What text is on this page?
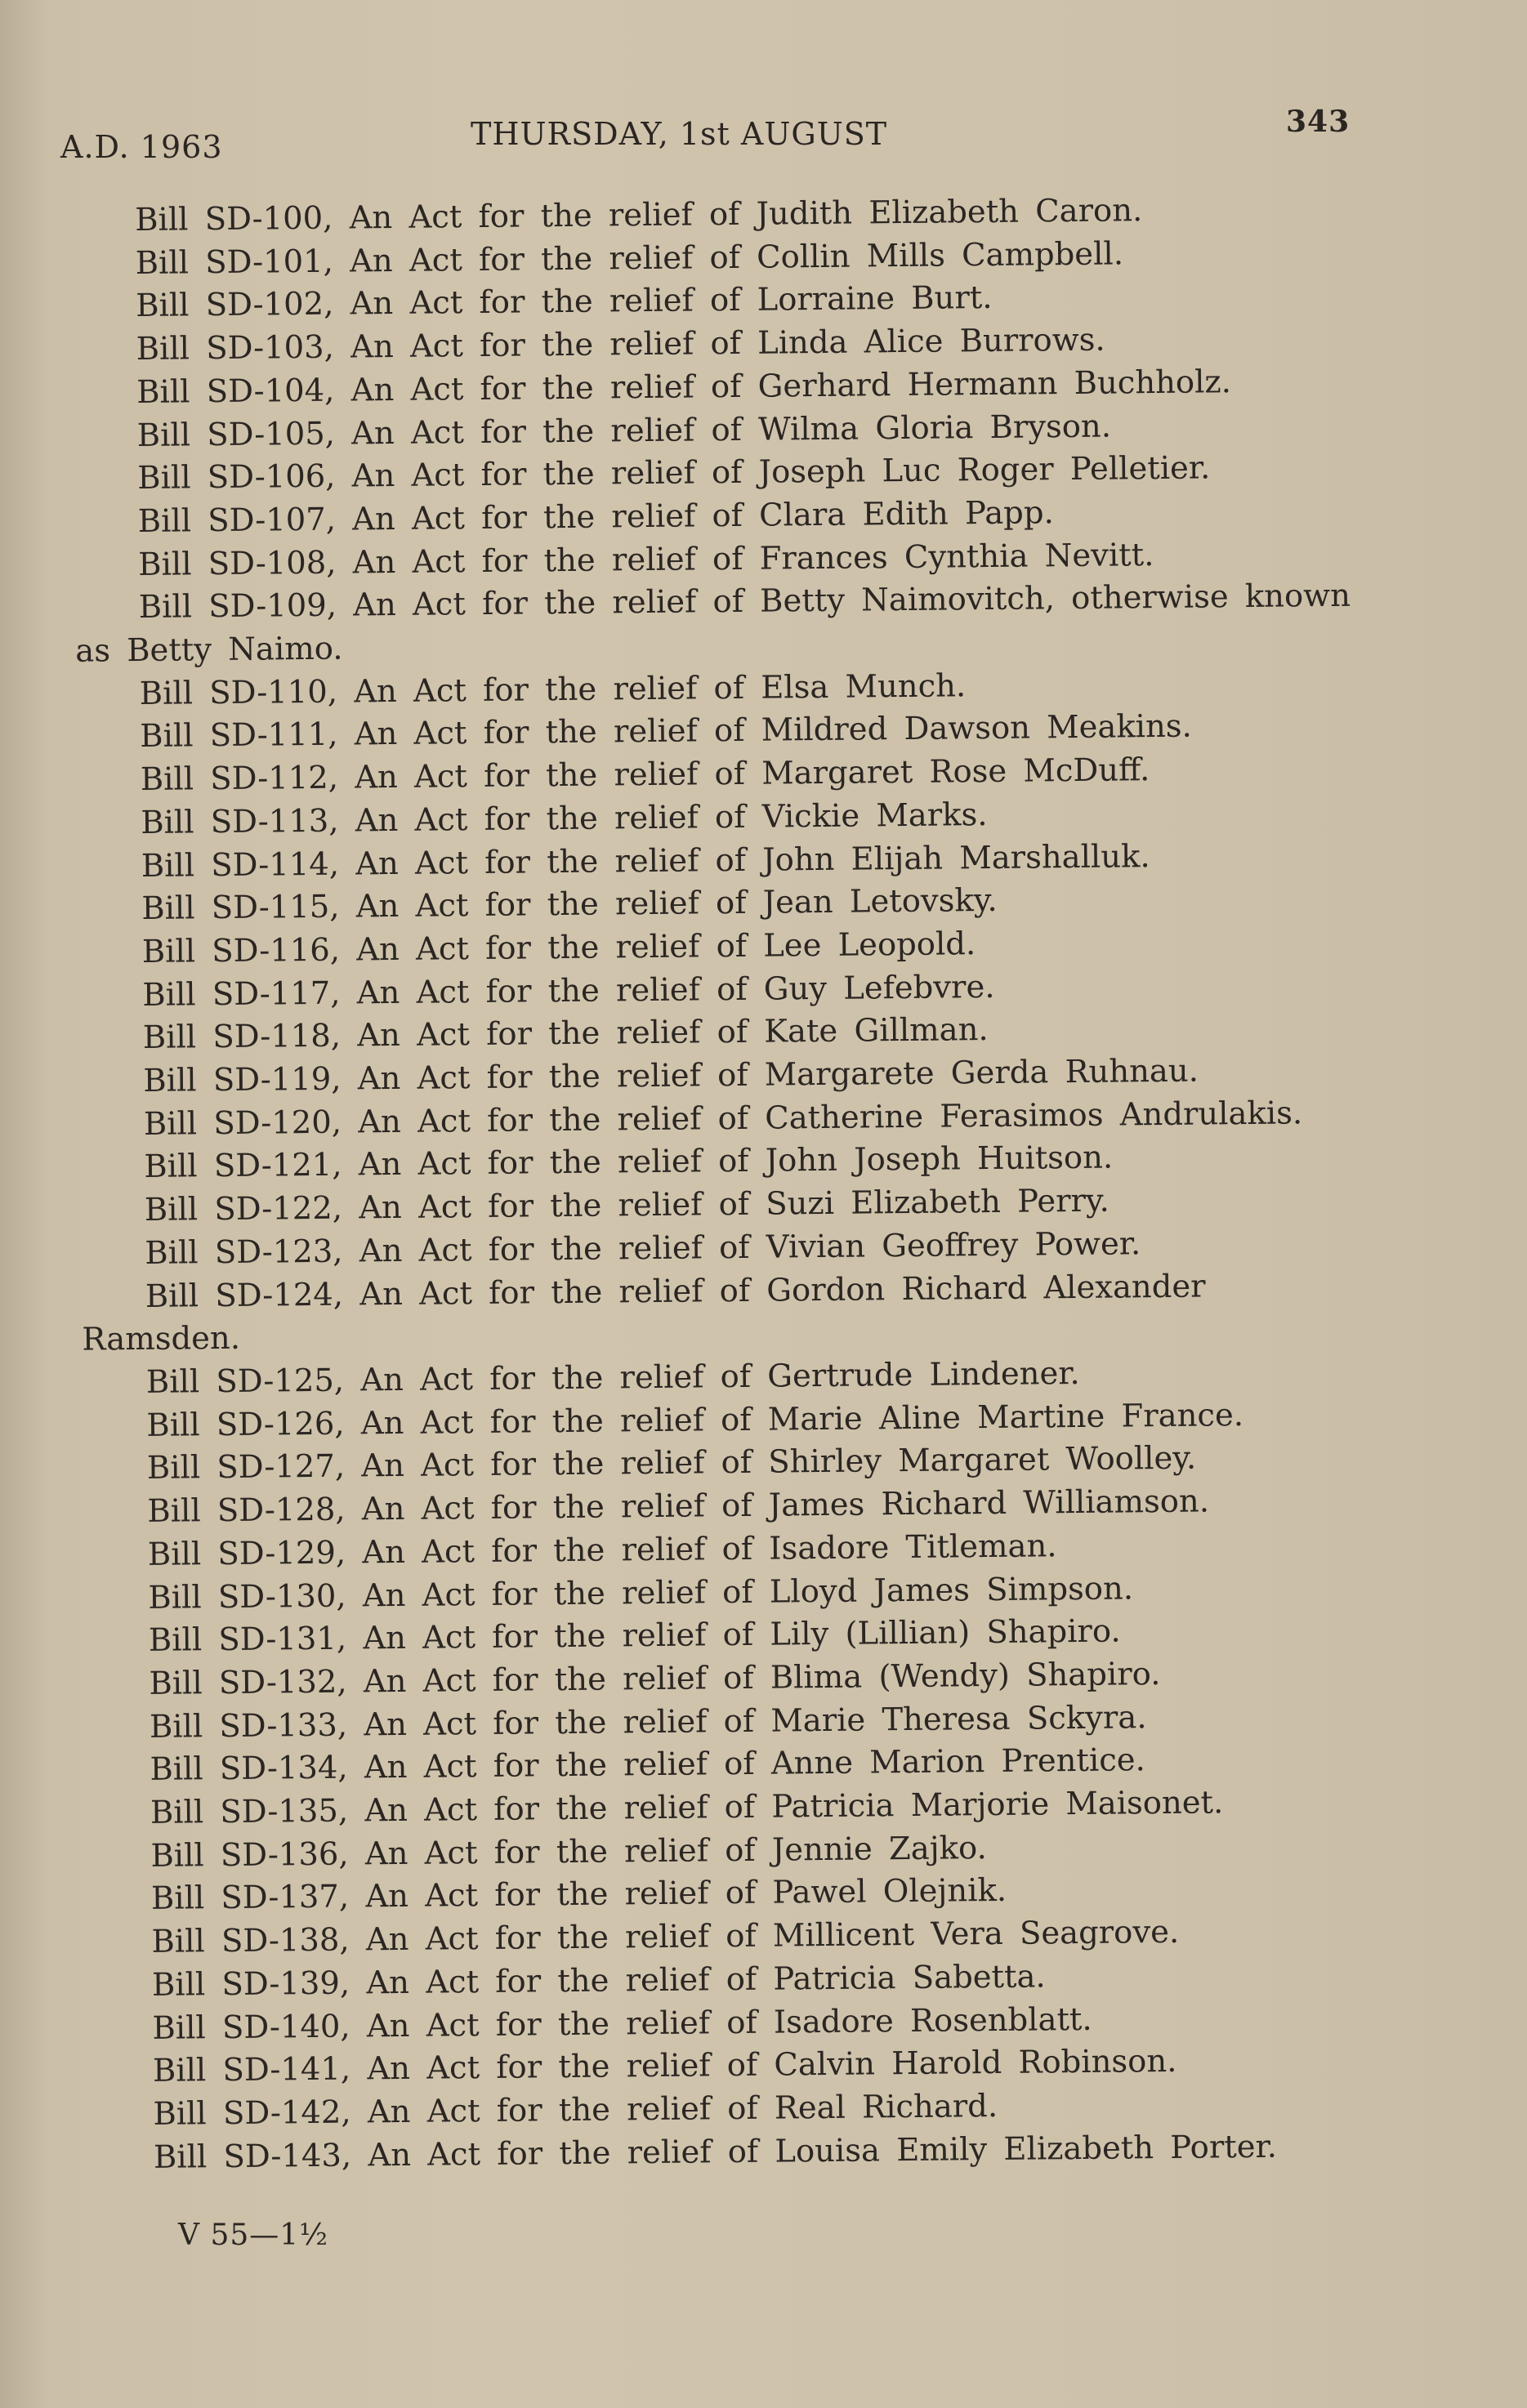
A.D. 1963	THURSDAY, 1st AUGUST	343

Bill SD-100, An Act for the relief of Judith Elizabeth Caron.

Bill SD-101, An Act for the relief of Collin Mills Campbell.

Bill SD-102, An Act for the relief of Lorraine Burt.

Bill SD-103, An Act for the relief of Linda Alice Burrows.

Bill SD-104, An Act for the relief of Gerhard Hermann Buchholz.

Bill SD-105, An Act for the relief of Wilma Gloria Bryson.

Bill SD-106, An Act for the relief of Joseph Luc Roger Pelletier.

Bill SD-107, An Act for the relief of Clara Edith Papp.

Bill SD-108, An Act for the relief of Frances Cynthia Nevitt.

Bill SD-109, An Act for the relief of Betty Naimovitch, otherwise known
as Betty Naimo.

Bill SD-110, An Act for the relief of Elsa Munch.

Bill SD-111, An Act for the relief of Mildred Dawson Meakins.

Bill SD-112, An Act for the relief of Margaret Rose McDuff.

Bill SD-113, An Act for the relief of Vickie Marks.

Bill SD-114, An Act for the relief of John Elijah Marshalluk.

Bill SD-115, An Act for the relief of Jean Letovsky.

Bill SD-116, An Act for the relief of Lee Leopold.

Bill SD-117, An Act for the relief of Guy Lefebvre.

Bill SD-118, An Act for the relief of Kate Gillman.

Bill SD-119, An Act for the relief of Margarete Gerda Ruhnau.

Bill SD-120, An Act for the relief of Catherine Ferasimos Andrulakis.

Bill SD-121, An Act for the relief of John Joseph Huitson.

Bill SD-122, An Act for the relief of Suzi Elizabeth Perry.

Bill SD-123, An Act for the relief of Vivian Geoffrey Power.

Bill SD-124, An Act for the relief of Gordon Richard Alexander
Ramsden.

Bill SD-125, An Act for the relief of Gertrude Lindener.

Bill SD-126, An Act for the relief of Marie Aline Martine France.

Bill SD-127, An Act for the relief of Shirley Margaret Woolley.

Bill SD-128, An Act for the relief of James Richard Williamson.

Bill SD-129, An Act for the relief of Isadore Titleman.

Bill SD-130, An Act for the relief of Lloyd James Simpson.

Bill SD-131, An Act for the relief of Lily (Lillian) Shapiro.

Bill SD-132, An Act for the relief of Blima (Wendy) Shapiro.

Bill SD-133, An Act for the relief of Marie Theresa Sckyra.

Bill SD-134, An Act for the relief of Anne Marion Prentice.

Bill SD-135, An Act for the relief of Patricia Marjorie Maisonet.

Bill SD-136, An Act for the relief of Jennie Zajko.

Bill SD-137, An Act for the relief of Pawel Olejnik.

Bill SD-138, An Act for the relief of Millicent Vera Seagrove.

Bill SD-139, An Act for the relief of Patricia Sabetta.

Bill SD-140, An Act for the relief of Isadore Rosenblatt.

Bill SD-141, An Act for the relief of Calvin Harold Robinson.

Bill SD-142, An Act for the relief of Real Richard.

Bill SD-143, An Act for the relief of Louisa Emily Elizabeth Porter.

V 55—1½
